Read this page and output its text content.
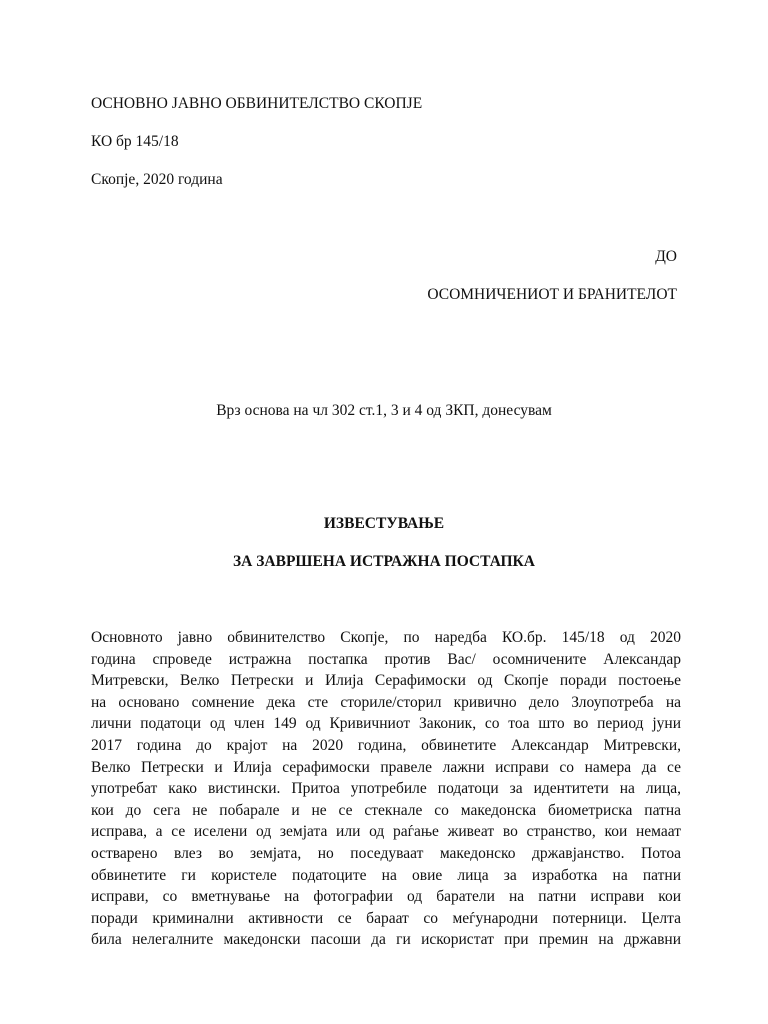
ОСНОВНО ЈАВНО ОБВИНИТЕЛСТВО СКОПЈЕ
КО бр 145/18
Скопје, 2020 година
ДО
ОСОМНИЧЕНИОТ И БРАНИТЕЛОТ
Врз основа на чл 302 ст.1, 3 и 4 од ЗКП, донесувам
ИЗВЕСТУВАЊЕ
ЗА ЗАВРШЕНА ИСТРАЖНА ПОСТАПКА
Основното јавно обвинителство Скопје, по наредба КО.бр. 145/18 од 2020
година спроведе истражна постапка против Вас/ осомничените Александар
Митревски, Велко Петрески и Илија Серафимоски од Скопје поради постоење
на основано сомнение дека сте сториле/сторил кривично дело Злоупотреба на
лични податоци од член 149 од Кривичниот Законик, со тоа што во период јуни
2017 година до крајот на 2020 година, обвинетите Александар Митревски,
Велко Петрески и Илија серафимоски правеле лажни исправи со намера да се
употребат како вистински. Притоа употребиле податоци за идентитети на лица,
кои до сега не побарале и не се стекнале со македонска биометриска патна
исправа, а се иселени од земјата или од раѓање живеат во странство, кои немаат
остварено влез во земјата, но поседуваат македонско државјанство. Потоа
обвинетите ги користеле податоците на овие лица за изработка на патни
исправи, со вметнување на фотографии од баратели на патни исправи кои
поради криминални активности се бараат со меѓународни потерници. Целта
била нелегалните македонски пасоши да ги искористат при премин на државни
